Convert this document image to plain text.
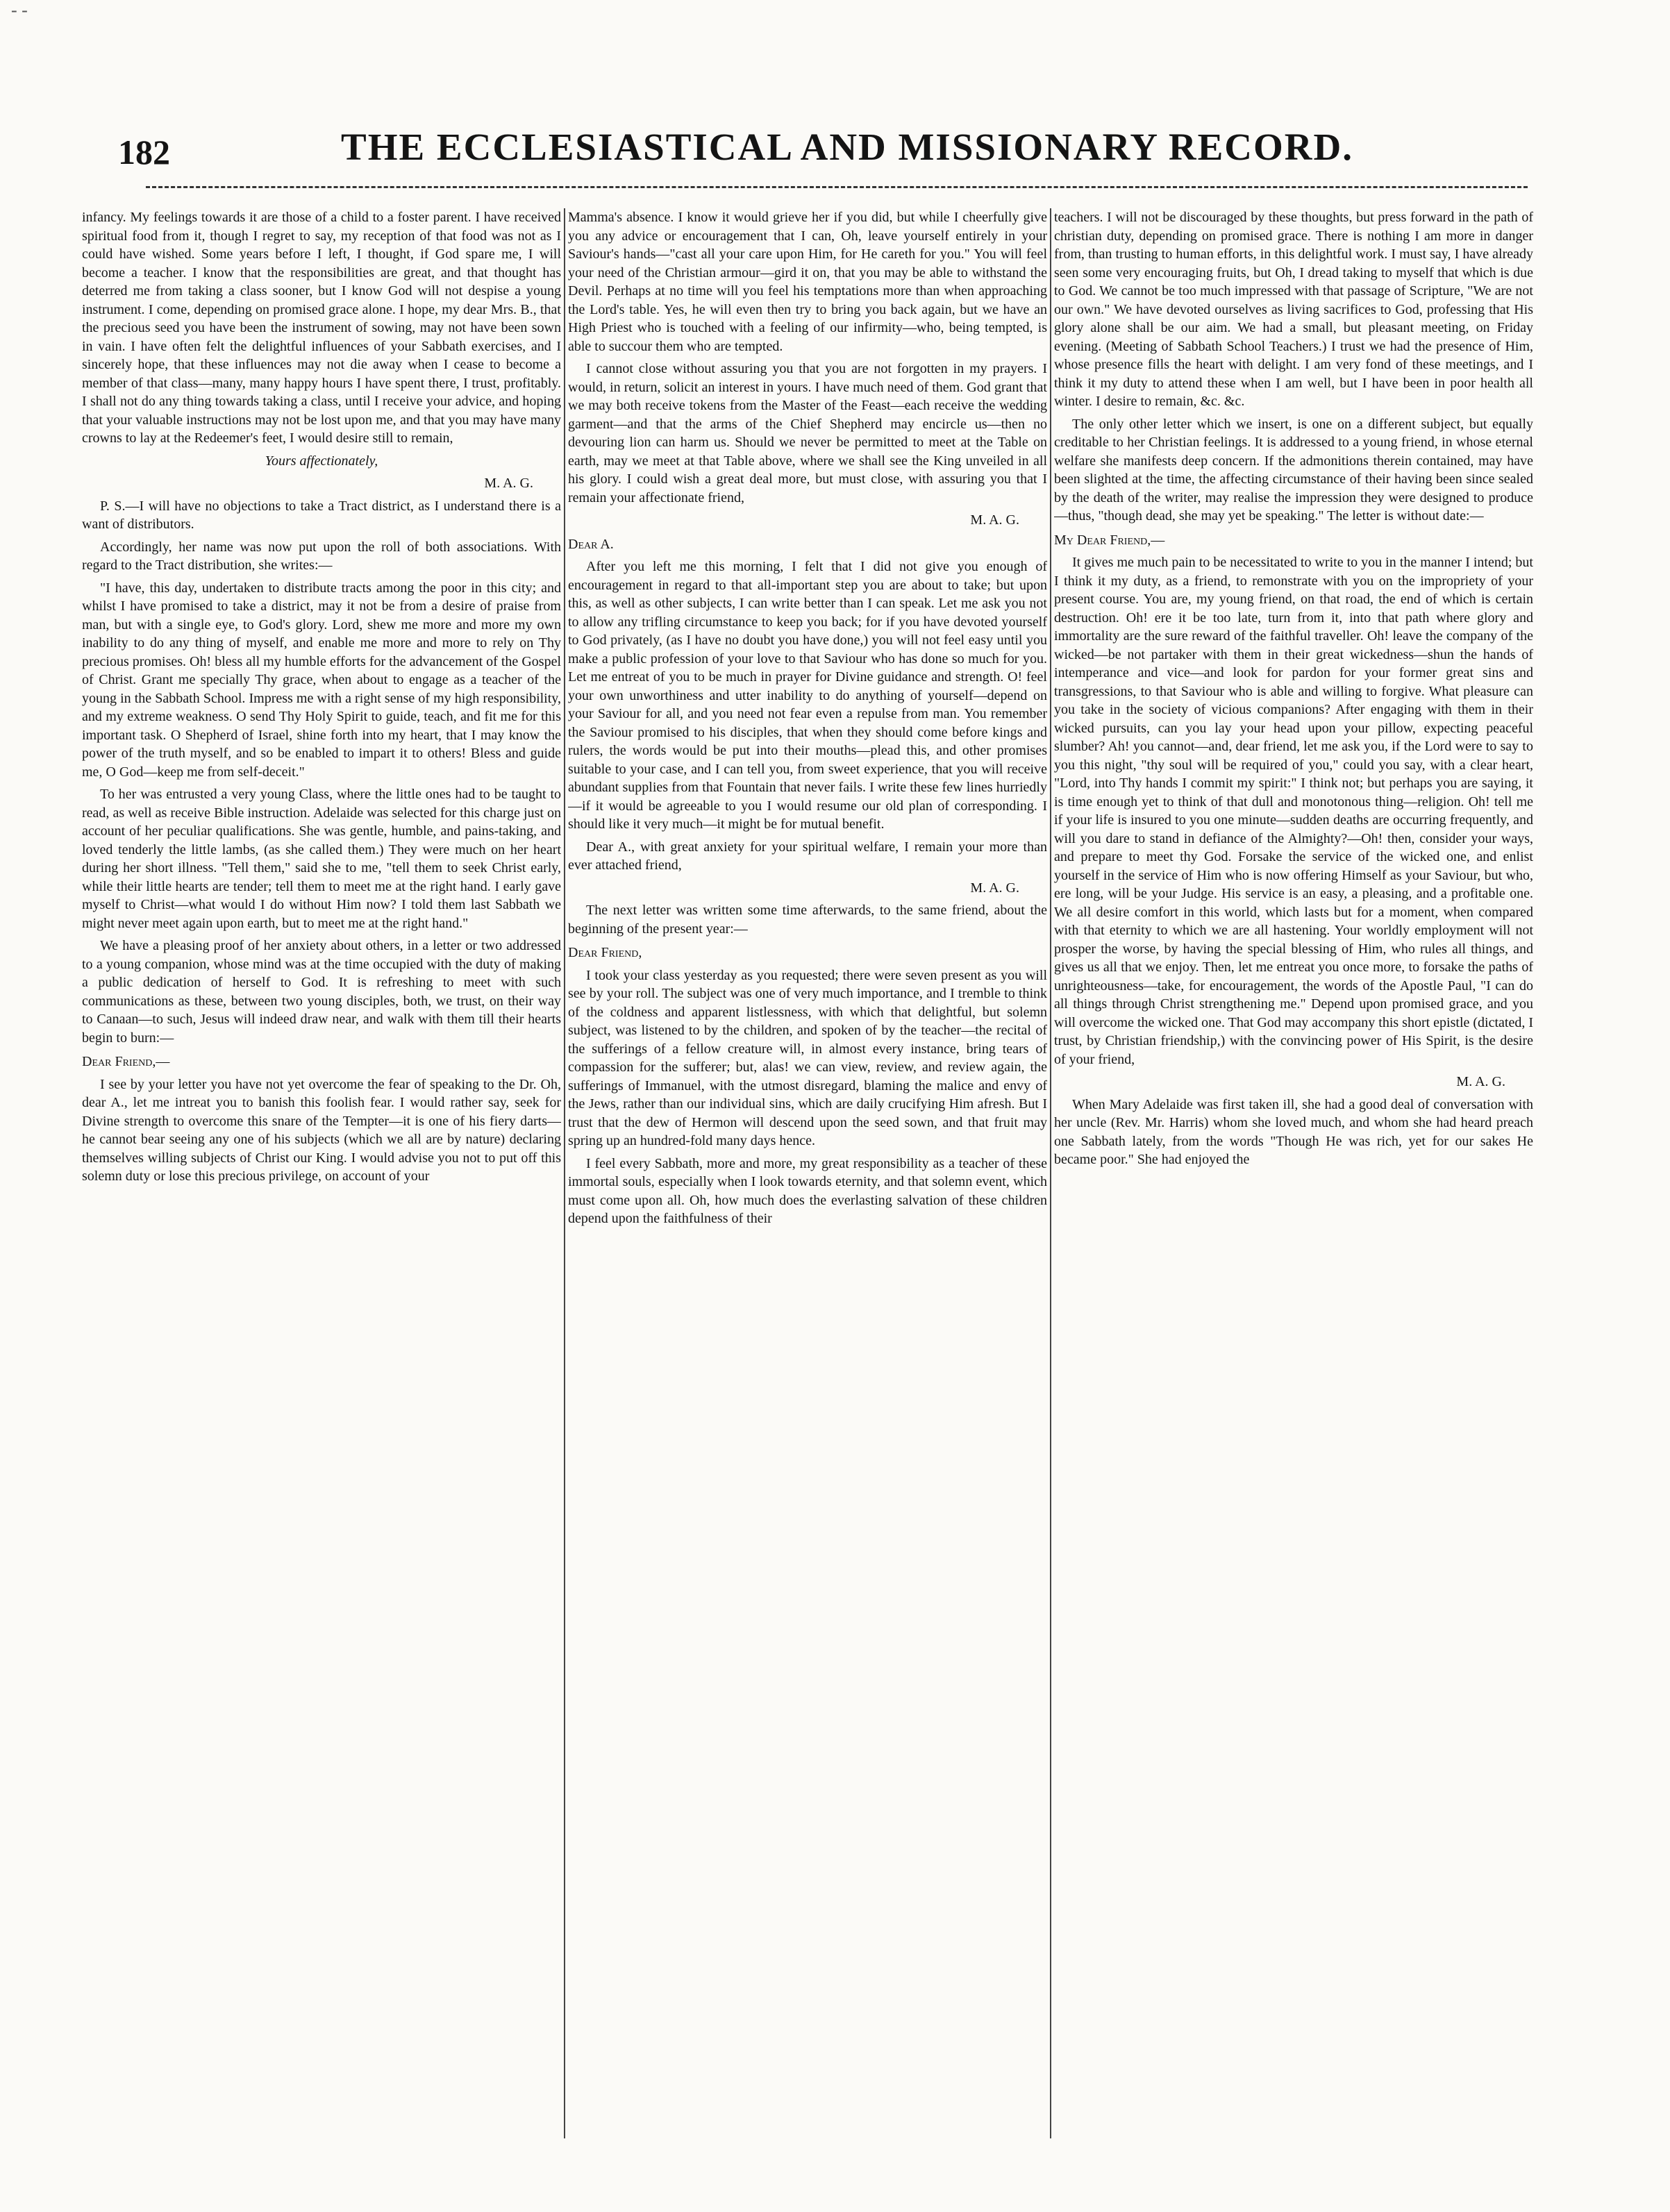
- -
182	THE ECCLESIASTICAL AND MISSIONARY RECORD.

infancy. My feelings towards it are those of a child to a foster parent. I have received spiritual food from it, though I regret to say, my reception of that food was not as I could have wished. Some years before I left, I thought, if God spare me, I will become a teacher. I know that the responsibilities are great, and that thought has deterred me from taking a class sooner, but I know God will not despise a young instrument. I come, depending on promised grace alone. I hope, my dear Mrs. B., that the precious seed you have been the instrument of sowing, may not have been sown in vain. I have often felt the delightful influences of your Sabbath exercises, and I sincerely hope, that these influences may not die away when I cease to become a member of that class—many, many happy hours I have spent there, I trust, profitably. I shall not do any thing towards taking a class, until I receive your advice, and hoping that your valuable instructions may not be lost upon me, and that you may have many crowns to lay at the Redeemer's feet, I would desire still to remain,

Yours affectionately,

M. A. G.

P. S.—I will have no objections to take a Tract district, as I understand there is a want of distributors.

Accordingly, her name was now put upon the roll of both associations. With regard to the Tract distribution, she writes:—

"I have, this day, undertaken to distribute tracts among the poor in this city; and whilst I have promised to take a district, may it not be from a desire of praise from man, but with a single eye, to God's glory. Lord, shew me more and more my own inability to do any thing of myself, and enable me more and more to rely on Thy precious promises. Oh! bless all my humble efforts for the advancement of the Gospel of Christ. Grant me specially Thy grace, when about to engage as a teacher of the young in the Sabbath School. Impress me with a right sense of my high responsibility, and my extreme weakness. O send Thy Holy Spirit to guide, teach, and fit me for this important task. O Shepherd of Israel, shine forth into my heart, that I may know the power of the truth myself, and so be enabled to impart it to others! Bless and guide me, O God—keep me from self-deceit."

To her was entrusted a very young Class, where the little ones had to be taught to read, as well as receive Bible instruction. Adelaide was selected for this charge just on account of her peculiar qualifications. She was gentle, humble, and pains-taking, and loved tenderly the little lambs, (as she called them.) They were much on her heart during her short illness. "Tell them," said she to me, "tell them to seek Christ early, while their little hearts are tender; tell them to meet me at the right hand. I early gave myself to Christ—what would I do without Him now? I told them last Sabbath we might never meet again upon earth, but to meet me at the right hand."

We have a pleasing proof of her anxiety about others, in a letter or two addressed to a young companion, whose mind was at the time occupied with the duty of making a public dedication of herself to God. It is refreshing to meet with such communications as these, between two young disciples, both, we trust, on their way to Canaan—to such, Jesus will indeed draw near, and walk with them till their hearts begin to burn:—

Dear Friend,—

I see by your letter you have not yet overcome the fear of speaking to the Dr. Oh, dear A., let me intreat you to banish this foolish fear. I would rather say, seek for Divine strength to overcome this snare of the Tempter—it is one of his fiery darts—he cannot bear seeing any one of his subjects (which we all are by nature) declaring themselves willing subjects of Christ our King. I would advise you not to put off this solemn duty or lose this precious privilege, on account of your

Mamma's absence. I know it would grieve her if you did, but while I cheerfully give you any advice or encouragement that I can, Oh, leave yourself entirely in your Saviour's hands—"cast all your care upon Him, for He careth for you." You will feel your need of the Christian armour—gird it on, that you may be able to withstand the Devil. Perhaps at no time will you feel his temptations more than when approaching the Lord's table. Yes, he will even then try to bring you back again, but we have an High Priest who is touched with a feeling of our infirmity—who, being tempted, is able to succour them who are tempted.

I cannot close without assuring you that you are not forgotten in my prayers. I would, in return, solicit an interest in yours. I have much need of them. God grant that we may both receive tokens from the Master of the Feast—each receive the wedding garment—and that the arms of the Chief Shepherd may encircle us—then no devouring lion can harm us. Should we never be permitted to meet at the Table on earth, may we meet at that Table above, where we shall see the King unveiled in all his glory. I could wish a great deal more, but must close, with assuring you that I remain your affectionate friend,

M. A. G.

Dear A.

After you left me this morning, I felt that I did not give you enough of encouragement in regard to that all-important step you are about to take; but upon this, as well as other subjects, I can write better than I can speak. Let me ask you not to allow any trifling circumstance to keep you back; for if you have devoted yourself to God privately, (as I have no doubt you have done,) you will not feel easy until you make a public profession of your love to that Saviour who has done so much for you. Let me entreat of you to be much in prayer for Divine guidance and strength. O! feel your own unworthiness and utter inability to do anything of yourself—depend on your Saviour for all, and you need not fear even a repulse from man. You remember the Saviour promised to his disciples, that when they should come before kings and rulers, the words would be put into their mouths—plead this, and other promises suitable to your case, and I can tell you, from sweet experience, that you will receive abundant supplies from that Fountain that never fails. I write these few lines hurriedly—if it would be agreeable to you I would resume our old plan of corresponding. I should like it very much—it might be for mutual benefit.

Dear A., with great anxiety for your spiritual welfare, I remain your more than ever attached friend,

M. A. G.

The next letter was written some time afterwards, to the same friend, about the beginning of the present year:—

Dear Friend,

I took your class yesterday as you requested; there were seven present as you will see by your roll. The subject was one of very much importance, and I tremble to think of the coldness and apparent listlessness, with which that delightful, but solemn subject, was listened to by the children, and spoken of by the teacher—the recital of the sufferings of a fellow creature will, in almost every instance, bring tears of compassion for the sufferer; but, alas! we can view, review, and review again, the sufferings of Immanuel, with the utmost disregard, blaming the malice and envy of the Jews, rather than our individual sins, which are daily crucifying Him afresh. But I trust that the dew of Hermon will descend upon the seed sown, and that fruit may spring up an hundred-fold many days hence.

I feel every Sabbath, more and more, my great responsibility as a teacher of these immortal souls, especially when I look towards eternity, and that solemn event, which must come upon all. Oh, how much does the everlasting salvation of these children depend upon the faithfulness of their

teachers. I will not be discouraged by these thoughts, but press forward in the path of christian duty, depending on promised grace. There is nothing I am more in danger from, than trusting to human efforts, in this delightful work. I must say, I have already seen some very encouraging fruits, but Oh, I dread taking to myself that which is due to God. We cannot be too much impressed with that passage of Scripture, "We are not our own." We have devoted ourselves as living sacrifices to God, professing that His glory alone shall be our aim. We had a small, but pleasant meeting, on Friday evening. (Meeting of Sabbath School Teachers.) I trust we had the presence of Him, whose presence fills the heart with delight. I am very fond of these meetings, and I think it my duty to attend these when I am well, but I have been in poor health all winter. I desire to remain, &c. &c.

The only other letter which we insert, is one on a different subject, but equally creditable to her Christian feelings. It is addressed to a young friend, in whose eternal welfare she manifests deep concern. If the admonitions therein contained, may have been slighted at the time, the affecting circumstance of their having been since sealed by the death of the writer, may realise the impression they were designed to produce—thus, "though dead, she may yet be speaking." The letter is without date:—

My Dear Friend,—

It gives me much pain to be necessitated to write to you in the manner I intend; but I think it my duty, as a friend, to remonstrate with you on the impropriety of your present course. You are, my young friend, on that road, the end of which is certain destruction. Oh! ere it be too late, turn from it, into that path where glory and immortality are the sure reward of the faithful traveller. Oh! leave the company of the wicked—be not partaker with them in their great wickedness—shun the hands of intemperance and vice—and look for pardon for your former great sins and transgressions, to that Saviour who is able and willing to forgive. What pleasure can you take in the society of vicious companions? After engaging with them in their wicked pursuits, can you lay your head upon your pillow, expecting peaceful slumber? Ah! you cannot—and, dear friend, let me ask you, if the Lord were to say to you this night, "thy soul will be required of you," could you say, with a clear heart, "Lord, into Thy hands I commit my spirit:" I think not; but perhaps you are saying, it is time enough yet to think of that dull and monotonous thing—religion. Oh! tell me if your life is insured to you one minute—sudden deaths are occurring frequently, and will you dare to stand in defiance of the Almighty?—Oh! then, consider your ways, and prepare to meet thy God. Forsake the service of the wicked one, and enlist yourself in the service of Him who is now offering Himself as your Saviour, but who, ere long, will be your Judge. His service is an easy, a pleasing, and a profitable one. We all desire comfort in this world, which lasts but for a moment, when compared with that eternity to which we are all hastening. Your worldly employment will not prosper the worse, by having the special blessing of Him, who rules all things, and gives us all that we enjoy. Then, let me entreat you once more, to forsake the paths of unrighteousness—take, for encouragement, the words of the Apostle Paul, "I can do all things through Christ strengthening me." Depend upon promised grace, and you will overcome the wicked one. That God may accompany this short epistle (dictated, I trust, by Christian friendship,) with the convincing power of His Spirit, is the desire of your friend,

M. A. G.

When Mary Adelaide was first taken ill, she had a good deal of conversation with her uncle (Rev. Mr. Harris) whom she loved much, and whom she had heard preach one Sabbath lately, from the words "Though He was rich, yet for our sakes He became poor." She had enjoyed the
